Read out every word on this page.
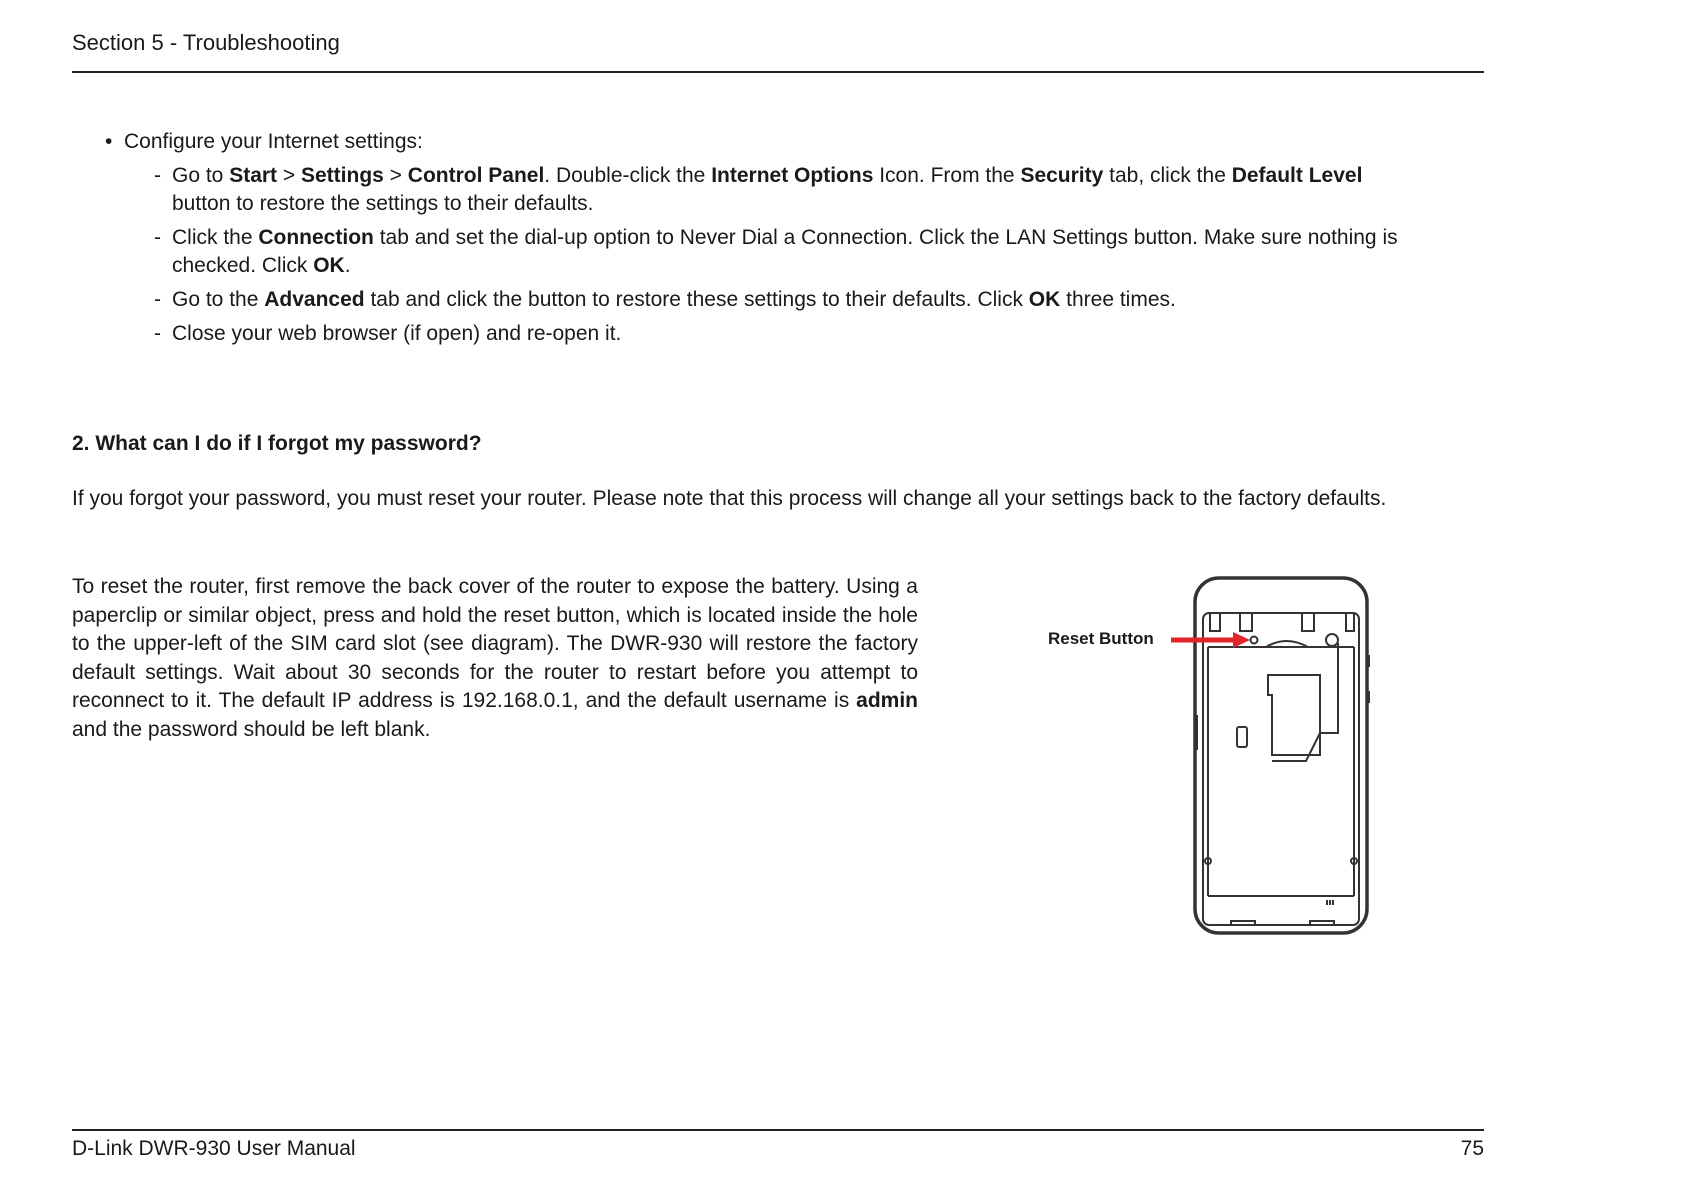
Section 5 - Troubleshooting
• Configure your Internet settings:
- Go to Start > Settings > Control Panel. Double-click the Internet Options Icon. From the Security tab, click the Default Level button to restore the settings to their defaults.
- Click the Connection tab and set the dial-up option to Never Dial a Connection. Click the LAN Settings button. Make sure nothing is checked. Click OK.
- Go to the Advanced tab and click the button to restore these settings to their defaults. Click OK three times.
- Close your web browser (if open) and re-open it.
2. What can I do if I forgot my password?
If you forgot your password, you must reset your router. Please note that this process will change all your settings back to the factory defaults.
To reset the router, first remove the back cover of the router to expose the battery. Using a paperclip or similar object, press and hold the reset button, which is located inside the hole to the upper-left of the SIM card slot (see diagram). The DWR-930 will restore the factory default settings. Wait about 30 seconds for the router to restart before you attempt to reconnect to it. The default IP address is 192.168.0.1, and the default username is admin and the password should be left blank.
Reset Button
D-Link DWR-930 User Manual	75
